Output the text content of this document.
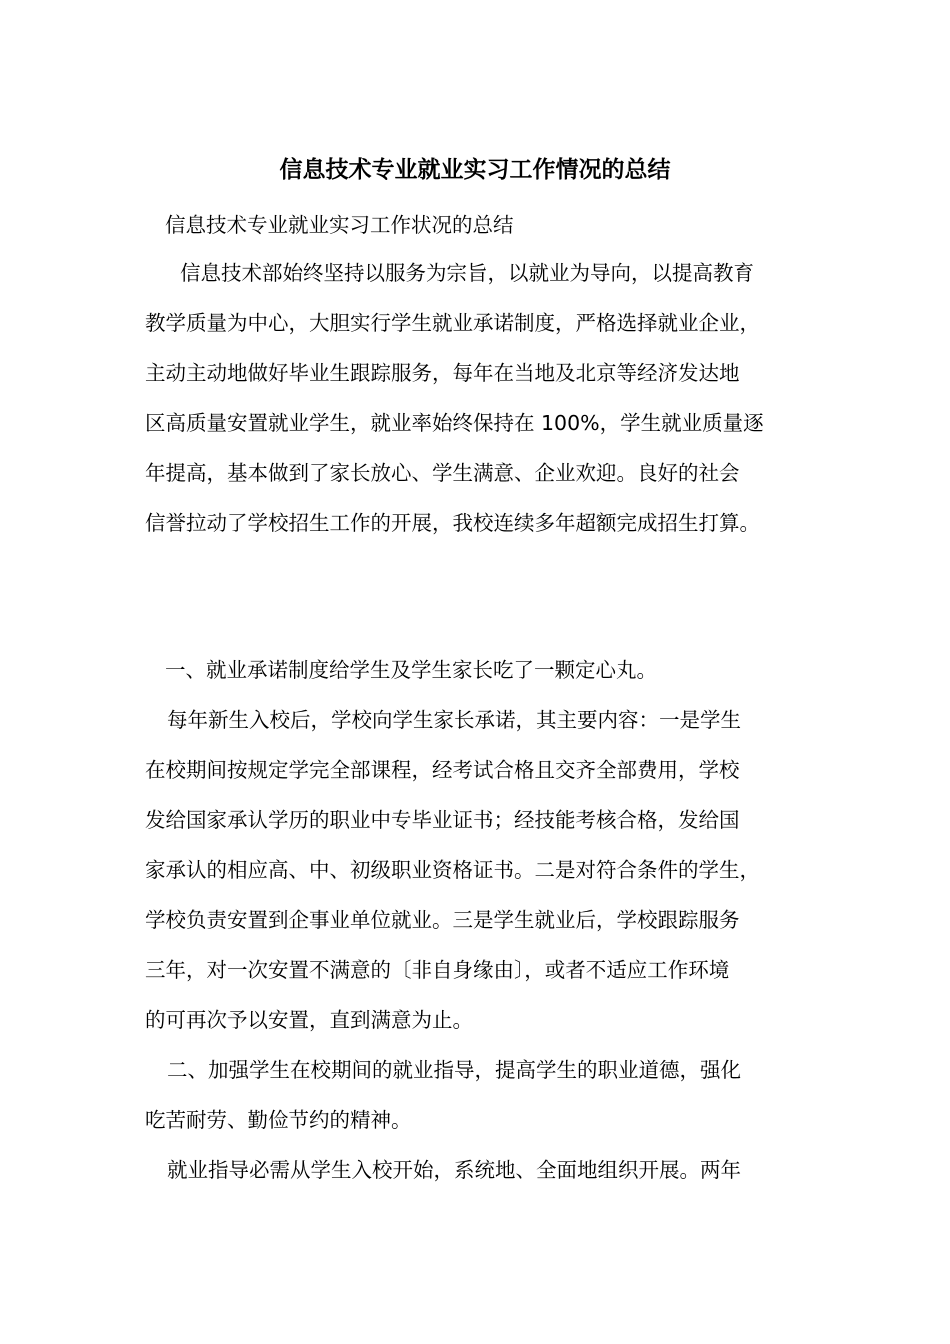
信息技术专业就业实习工作情况的总结
信息技术专业就业实习工作状况的总结
信息技术部始终坚持以服务为宗旨，以就业为导向，以提高教育
教学质量为中心，大胆实行学生就业承诺制度，严格选择就业企业，
主动主动地做好毕业生跟踪服务，每年在当地及北京等经济发达地
区高质量安置就业学生，就业率始终保持在 100%，学生就业质量逐
年提高，基本做到了家长放心、学生满意、企业欢迎。良好的社会
信誉拉动了学校招生工作的开展，我校连续多年超额完成招生打算。
一、就业承诺制度给学生及学生家长吃了一颗定心丸。
每年新生入校后，学校向学生家长承诺，其主要内容：一是学生
在校期间按规定学完全部课程，经考试合格且交齐全部费用，学校
发给国家承认学历的职业中专毕业证书；经技能考核合格，发给国
家承认的相应高、中、初级职业资格证书。二是对符合条件的学生，
学校负责安置到企事业单位就业。三是学生就业后，学校跟踪服务
三年，对一次安置不满意的〔非自身缘由〕，或者不适应工作环境
的可再次予以安置，直到满意为止。
二、加强学生在校期间的就业指导，提高学生的职业道德，强化
吃苦耐劳、勤俭节约的精神。
就业指导必需从学生入校开始，系统地、全面地组织开展。两年
